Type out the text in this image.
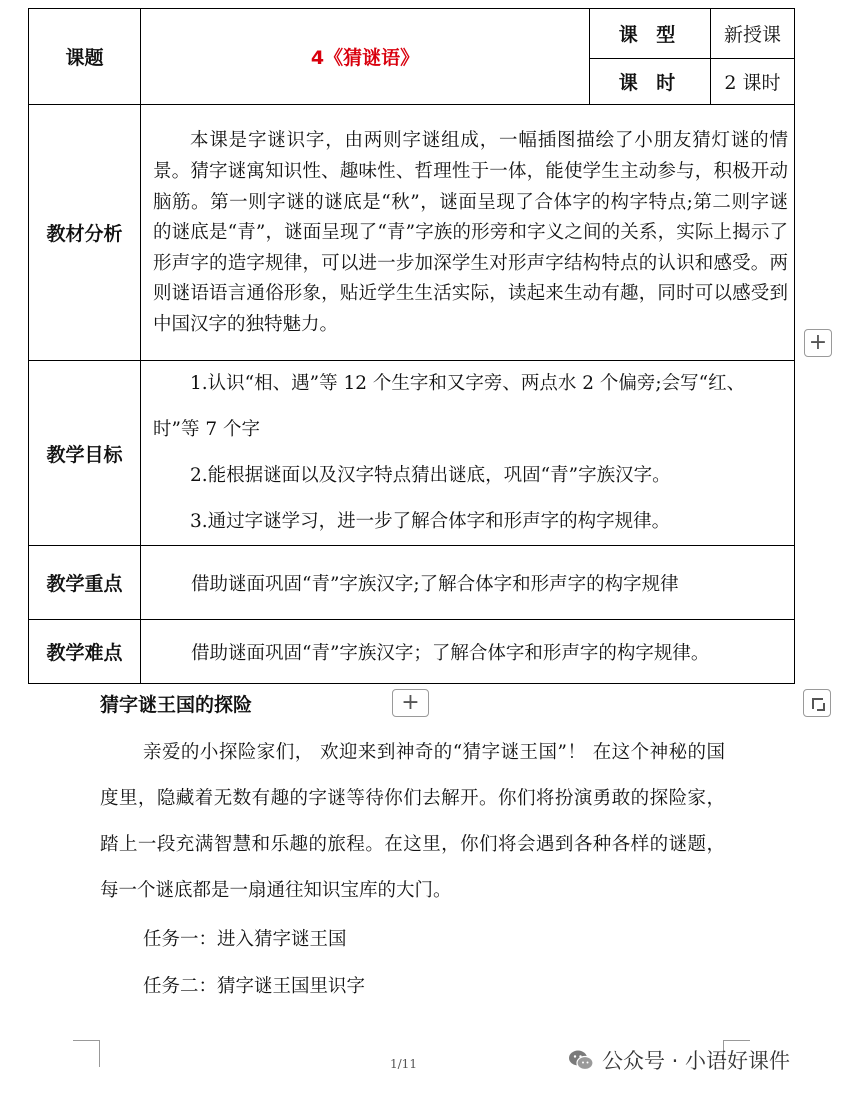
课题	4《猜谜语》	课 型	新授课
		课 时	2 课时
教材分析	本课是字谜识字，由两则字谜组成，一幅插图描绘了小朋友猜灯谜的情景。猜字谜寓知识性、趣味性、哲理性于一体，能使学生主动参与，积极开动脑筋。第一则字谜的谜底是“秋”，谜面呈现了合体字的构字特点;第二则字谜的谜底是“青”，谜面呈现了“青”字族的形旁和字义之间的关系，实际上揭示了形声字的造字规律，可以进一步加深学生对形声字结构特点的认识和感受。两则谜语语言通俗形象，贴近学生生活实际，读起来生动有趣，同时可以感受到中国汉字的独特魅力。		

教学目标	1.认识“相、遇”等 12 个生字和又字旁、两点水 2 个偏旁;会写“红、时”等 7 个字

2.能根据谜面以及汉字特点猜出谜底，巩固“青”字族汉字。

3.通过字谜学习，进一步了解合体字和形声字的构字规律。		

教学重点	借助谜面巩固“青”字族汉字;了解合体字和形声字的构字规律		
教学难点	借助谜面巩固“青”字族汉字；了解合体字和形声字的构字规律。		
+
猜字谜王国的探险	+

亲爱的小探险家们， 欢迎来到神奇的“猜字谜王国”！ 在这个神秘的国度里，隐藏着无数有趣的字谜等待你们去解开。你们将扮演勇敢的探险家，踏上一段充满智慧和乐趣的旅程。在这里，你们将会遇到各种各样的谜题，每一个谜底都是一扇通往知识宝库的大门。

任务一：进入猜字谜王国
任务二：猜字谜王国里识字
1/11	公众号 · 小语好课件
